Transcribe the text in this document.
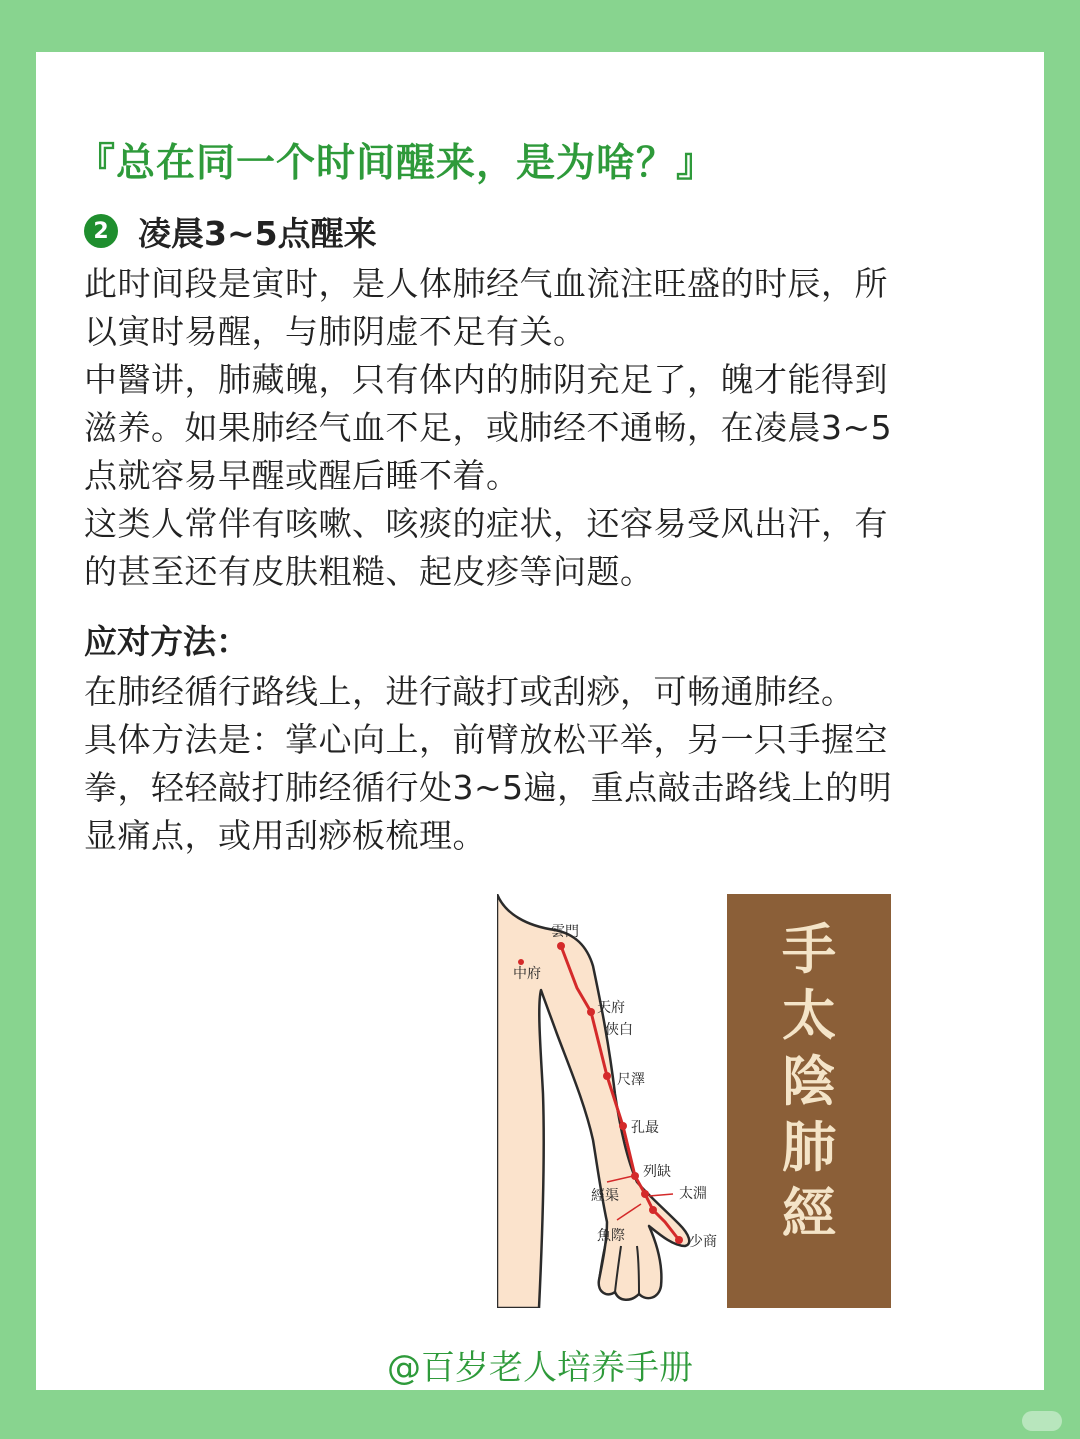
『总在同一个时间醒来，是为啥？』
2 凌晨3~5点醒来
此时间段是寅时，是人体肺经气血流注旺盛的时辰，所
以寅时易醒，与肺阴虚不足有关。
中醫讲，肺藏魄，只有体内的肺阴充足了，魄才能得到
滋养。如果肺经气血不足，或肺经不通畅，在凌晨3~5
点就容易早醒或醒后睡不着。
这类人常伴有咳嗽、咳痰的症状，还容易受风出汗，有
的甚至还有皮肤粗糙、起皮疹等问题。
应对方法：
在肺经循行路线上，进行敲打或刮痧，可畅通肺经。
具体方法是：掌心向上，前臂放松平举，另一只手握空
拳，轻轻敲打肺经循行处3~5遍，重点敲击路线上的明
显痛点，或用刮痧板梳理。
雲門
中府
天府
俠白
尺澤
孔最
列缺
經渠	太淵
魚際	少商
手
太
陰
肺
經
@百岁老人培养手册
